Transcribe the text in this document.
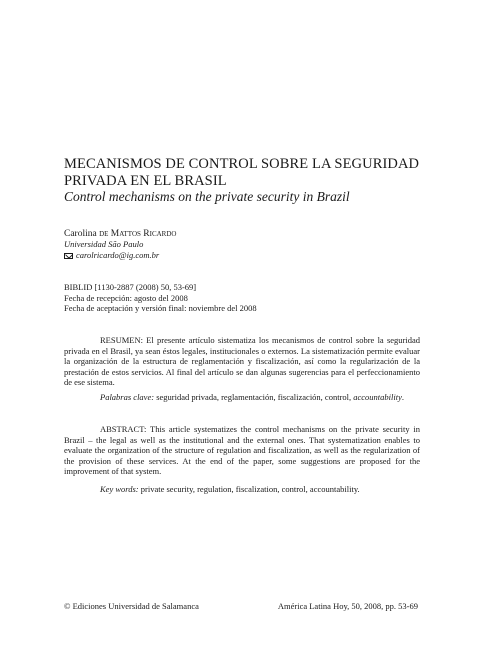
MECANISMOS DE CONTROL SOBRE LA SEGURIDAD PRIVADA EN EL BRASIL
Control mechanisms on the private security in Brazil
Carolina de Mattos Ricardo
Universidad São Paulo
carolricardo@ig.com.br
BIBLID [1130-2887 (2008) 50, 53-69]
Fecha de recepción: agosto del 2008
Fecha de aceptación y versión final: noviembre del 2008

RESUMEN: El presente artículo sistematiza los mecanismos de control sobre la seguridad privada en el Brasil, ya sean éstos legales, institucionales o externos. La sistematización permite evaluar la organización de la estructura de reglamentación y fiscalización, así como la regularización de la prestación de estos servicios. Al final del artículo se dan algunas sugerencias para el perfeccionamiento de ese sistema.

Palabras clave: seguridad privada, reglamentación, fiscalización, control, accountability.

ABSTRACT: This article systematizes the control mechanisms on the private security in Brazil – the legal as well as the institutional and the external ones. That systematization enables to evaluate the organization of the structure of regulation and fiscalization, as well as the regularization of the provision of these services. At the end of the paper, some suggestions are proposed for the improvement of that system.

Key words: private security, regulation, fiscalization, control, accountability.

© Ediciones Universidad de Salamanca	América Latina Hoy, 50, 2008, pp. 53-69
